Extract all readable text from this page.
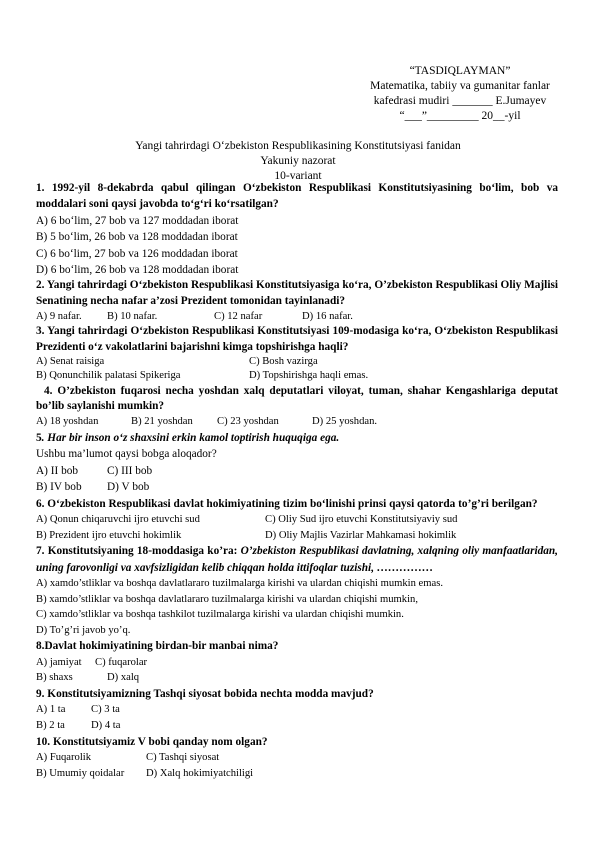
“TASDIQLAYMAN”
Matematika, tabiiy va gumanitar fanlar
kafedrasi mudiri _______ E.Jumayev
“___”_________ 20__-yil
Yangi tahrirdagi O‘zbekiston Respublikasining Konstitutsiyasi fanidan
Yakuniy nazorat
10-variant
1. 1992-yil 8-dekabrda qabul qilingan O‘zbekiston Respublikasi Konstitutsiyasining bo‘lim, bob va moddalari soni qaysi javobda to‘g‘ri ko‘rsatilgan?
A) 6 bo‘lim, 27 bob va 127 moddadan iborat
B) 5 bo‘lim, 26 bob va 128 moddadan iborat
C) 6 bo‘lim, 27 bob va 126 moddadan iborat
D) 6 bo‘lim, 26 bob va 128 moddadan iborat
2. Yangi tahrirdagi O‘zbekiston Respublikasi Konstitutsiyasiga ko‘ra, O’zbekiston Respublikasi Oliy Majlisi Senatining necha nafar a’zosi Prezident tomonidan tayinlanadi?
A) 9 nafar.	B) 10 nafar.	C) 12 nafar	D) 16 nafar.
3. Yangi tahrirdagi O‘zbekiston Respublikasi Konstitutsiyasi 109-modasiga ko‘ra, O‘zbekiston Respublikasi Prezidenti o‘z vakolatlarini bajarishni kimga topshirishga haqli?
A) Senat raisiga	C) Bosh vazirga
B) Qonunchilik palatasi Spikeriga	D) Topshirishga haqli emas.
4. O’zbekiston fuqarosi necha yoshdan xalq deputatlari viloyat, tuman, shahar Kengashlariga deputat bo’lib saylanishi mumkin?
A) 18 yoshdan	B) 21 yoshdan	C) 23 yoshdan	D) 25 yoshdan.
5. Har bir inson o‘z shaxsini erkin kamol toptirish huquqiga ega.
Ushbu ma’lumot qaysi bobga aloqador?
A) II bob	C) III bob
B) IV bob	D) V bob
6. O‘zbekiston Respublikasi davlat hokimiyatining tizim bo‘linishi prinsi qaysi qatorda to’g’ri berilgan?
A) Qonun chiqaruvchi ijro etuvchi sud	C) Oliy Sud ijro etuvchi Konstitutsiyaviy sud
B) Prezident ijro etuvchi hokimlik	D) Oliy Majlis Vazirlar Mahkamasi hokimlik
7. Konstitutsiyaning 18-moddasiga ko’ra: O’zbekiston Respublikasi davlatning, xalqning oliy manfaatlaridan, uning farovonligi va xavfsizligidan kelib chiqqan holda ittifoqlar tuzishi, ……………
A) xamdo’stliklar va boshqa davlatlararo tuzilmalarga kirishi va ulardan chiqishi mumkin emas.
B) xamdo’stliklar va boshqa davlatlararo tuzilmalarga kirishi va ulardan chiqishi mumkin,
C) xamdo’stliklar va boshqa tashkilot tuzilmalarga kirishi va ulardan chiqishi mumkin.
D) To’g’ri javob yo’q.
8.Davlat hokimiyatining birdan-bir manbai nima?
A) jamiyat	C) fuqarolar
B) shaxs	D) xalq
9. Konstitutsiyamizning Tashqi siyosat bobida nechta modda mavjud?
A) 1 ta	C) 3 ta
B) 2 ta	D) 4 ta
10. Konstitutsiyamiz V bobi qanday nom olgan?
A) Fuqarolik	C) Tashqi siyosat
B) Umumiy qoidalar	D) Xalq hokimiyatchiligi
